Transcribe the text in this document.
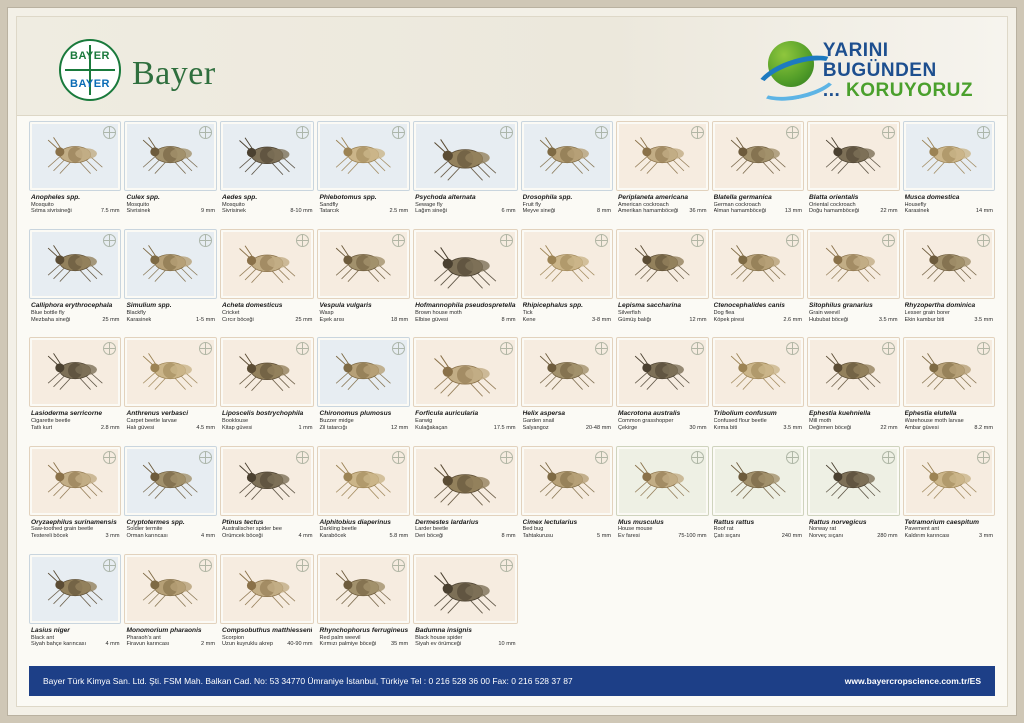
BAYER
BAYER Bayer
YARINI
BUGÜNDEN
... KORUYORUZ
Anopheles spp.
Mosquito
Sıtma sivrisineği	7.5 mm
Culex spp.
Mosquito
Sivrisinek	9 mm
Aedes spp.
Mosquito
Sivrisinek	8-10 mm
Phlebotomus spp.
Sandfly
Tatarcık	2.5 mm
Psychoda alternata
Sewage fly
Lağım sineği	6 mm
Drosophila spp.
Fruit fly
Meyve sineği	8 mm
Periplaneta americana
American cockroach
Amerikan hamamböceği 36 mm
Blatella germanica
German cockroach
Alman hamamböceği	13 mm
Blatta orientalis
Oriental cockroach
Doğu hamamböceği	22 mm
Musca domestica
Housefly
Karasinek	14 mm
Calliphora erythrocephala
Blue bottle fly
Mezbaha sineği	25 mm
Simulium spp.
Blackfly
Karasinek	1-5 mm
Acheta domesticus
Cricket
Cırcır böceği	25 mm
Vespula vulgaris
Wasp
Eşek arısı	18 mm
Hofmannophila pseudospretella
Brown house moth
Elbise güvesi	8 mm
Rhipicephalus spp.
Tick
Kene	3-8 mm
Lepisma saccharina
Silverfish
Gümüş balığı	12 mm
Ctenocephalides canis
Dog flea
Köpek piresi	2.6 mm
Sitophilus granarius
Grain weevil
Hububat böceği	3.5 mm
Rhyzopertha dominica
Lesser grain borer
Ekin kambur biti	3.5 mm
Lasioderma serricorne
Cigarette beetle
Tatlı kurt	2.8 mm
Anthrenus verbasci
Carpet beetle larvae
Halı güvesi	4.5 mm
Liposcelis bostrychophila
Booklouse
Kitap güvesi	1 mm
Chironomus plumosus
Buzzer midge
Zil tatarcığı	12 mm
Forficula auricularia
Earwig
Kulağakaçan	17.5 mm
Helix aspersa
Garden snail
Salyangoz	20-48 mm
Macrotona australis
Common grasshopper
Çekirge	30 mm
Tribolium confusum
Confused flour beetle
Kırma biti	3.5 mm
Ephestia kuehniella
Mill moth
Değirmen böceği	22 mm
Ephestia elutella
Warehouse moth larvae
Ambar güvesi	8.2 mm
Oryzaephilus surinamensis
Saw-toothed grain beetle
Testereli böcek	3 mm
Cryptotermes spp.
Soldier termite
Orman karıncası	4 mm
Ptinus tectus
Australischer spider bee
Örümcek böceği	4 mm
Alphitobius diaperinus
Darkling beetle
Karaböcek	5.8 mm
Dermestes lardarius
Larder beetle
Deri böceği	8 mm
Cimex lectularius
Bed bug
Tahtakurusu	5 mm
Mus musculus
House mouse
Ev faresi	75-100 mm
Rattus rattus
Roof rat
Çatı sıçanı	240 mm
Rattus norvegicus
Norway rat
Norveç sıçanı	280 mm
Tetramorium caespitum
Pavement ant
Kaldırım karıncası	3 mm
Lasius niger
Black ant
Siyah bahçe karıncası	4 mm
Monomorium pharaonis
Pharaoh's ant
Firavun karıncası	2 mm
Compsobuthus matthiesseni
Scorpion
Uzun kuyruklu akrep	40-90 mm
Rhynchophorus ferrugineus
Red palm weevil
Kırmızı palmiye böceği	35 mm
Badumna insignis
Black house spider
Siyah ev örümceği	10 mm
Bayer Türk Kimya San. Ltd. Şti. FSM Mah. Balkan Cad. No: 53 34770 Ümraniye İstanbul, Türkiye Tel : 0 216 528 36 00 Fax: 0 216 528 37 87	www.bayercropscience.com.tr/ES
